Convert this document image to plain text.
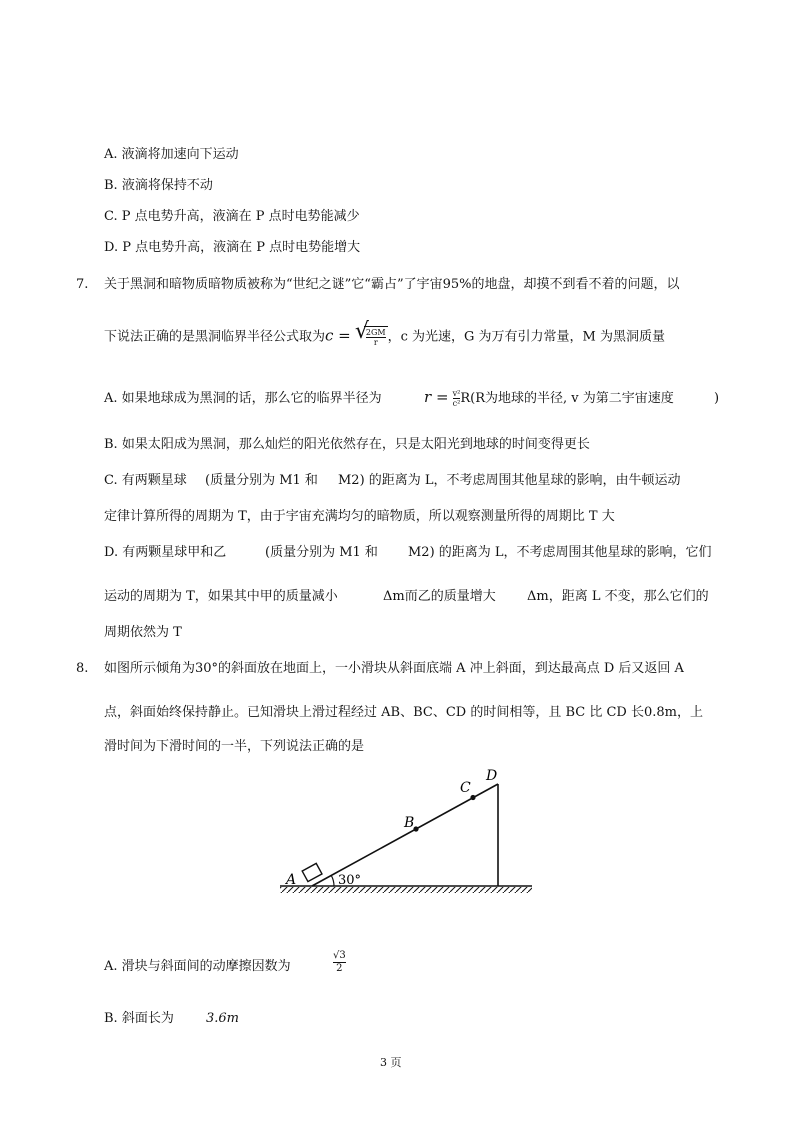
A. 液滴将加速向下运动
B. 液滴将保持不动
C. P 点电势升高，液滴在 P 点时电势能减少
D. P 点电势升高，液滴在 P 点时电势能增大
7. 关于黑洞和暗物质暗物质被称为“世纪之谜”它“霸占”了宇宙95%的地盘，却摸不到看不着的问题，以
下说法正确的是黑洞临界半径公式取为c =
√ $\frac{2GM}{r}$ ，c 为光速，G 为万有引力常量，M 为黑洞质量
A. 如果地球成为黑洞的话，那么它的临界半径为	$r = \frac{\text{v²}}{\text{c²}} R(R$为地球的半径, v 为第二宇宙速度	)
B. 如果太阳成为黑洞，那么灿烂的阳光依然存在，只是太阳光到地球的时间变得更长
C. 有两颗星球 (质量分别为 M1 和 M2) 的距离为 L，不考虑周围其他星球的影响，由牛顿运动
定律计算所得的周期为 T，由于宇宙充满均匀的暗物质，所以观察测量所得的周期比 T 大
D. 有两颗星球甲和乙	(质量分别为 M1 和 M2) 的距离为 L，不考虑周围其他星球的影响，它们
运动的周期为 T，如果其中甲的质量减小	Δm而乙的质量增大 Δm，距离 L 不变，那么它们的
周期依然为 T
8. 如图所示倾角为30°的斜面放在地面上，一小滑块从斜面底端 A 冲上斜面，到达最高点 D 后又返回 A
点，斜面始终保持静止。已知滑块上滑过程经过 AB、BC、CD 的时间相等，且 BC 比 CD 长0.8m，上
滑时间为下滑时间的一半，下列说法正确的是
A
B
C
D
30°
A. 滑块与斜面间的动摩擦因数为	$\frac{√3}{2}$
B. 斜面长为 3.6m
3 页
